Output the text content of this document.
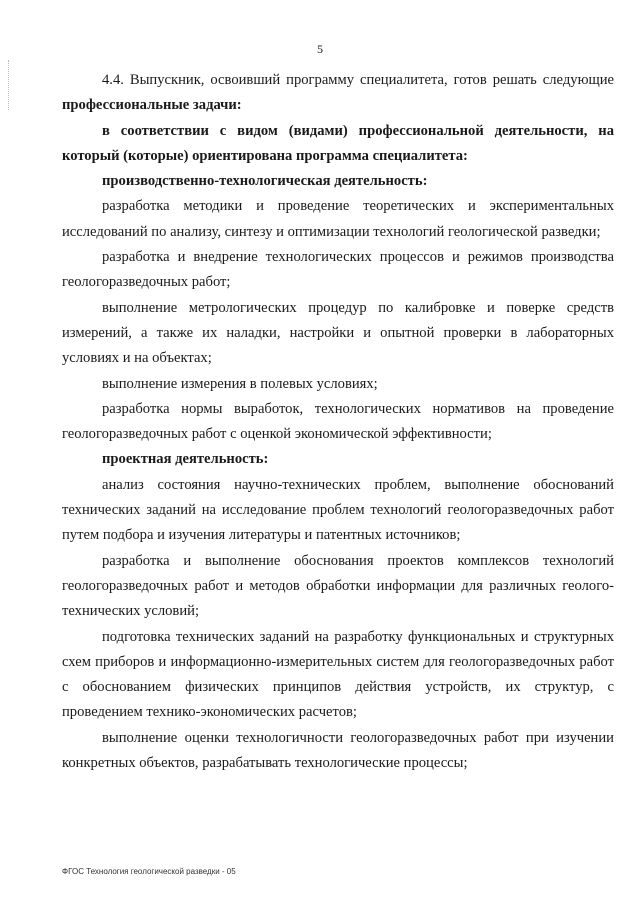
5

4.4. Выпускник, освоивший программу специалитета, готов решать следующие профессиональные задачи:

в соответствии с видом (видами) профессиональной деятельности, на который (которые) ориентирована программа специалитета:

производственно-технологическая деятельность:

разработка методики и проведение теоретических и экспериментальных исследований по анализу, синтезу и оптимизации технологий геологической разведки;

разработка и внедрение технологических процессов и режимов производства геологоразведочных работ;

выполнение метрологических процедур по калибровке и поверке средств измерений, а также их наладки, настройки и опытной проверки в лабораторных условиях и на объектах;

выполнение измерения в полевых условиях;

разработка нормы выработок, технологических нормативов на проведение геологоразведочных работ с оценкой экономической эффективности;

проектная деятельность:

анализ состояния научно-технических проблем, выполнение обоснований технических заданий на исследование проблем технологий геологоразведочных работ путем подбора и изучения литературы и патентных источников;

разработка и выполнение обоснования проектов комплексов технологий геологоразведочных работ и методов обработки информации для различных геолого-технических условий;

подготовка технических заданий на разработку функциональных и структурных схем приборов и информационно-измерительных систем для геологоразведочных работ с обоснованием физических принципов действия устройств, их структур, с проведением технико-экономических расчетов;

выполнение оценки технологичности геологоразведочных работ при изучении конкретных объектов, разрабатывать технологические процессы;

ФГОС Технология геологической разведки - 05
